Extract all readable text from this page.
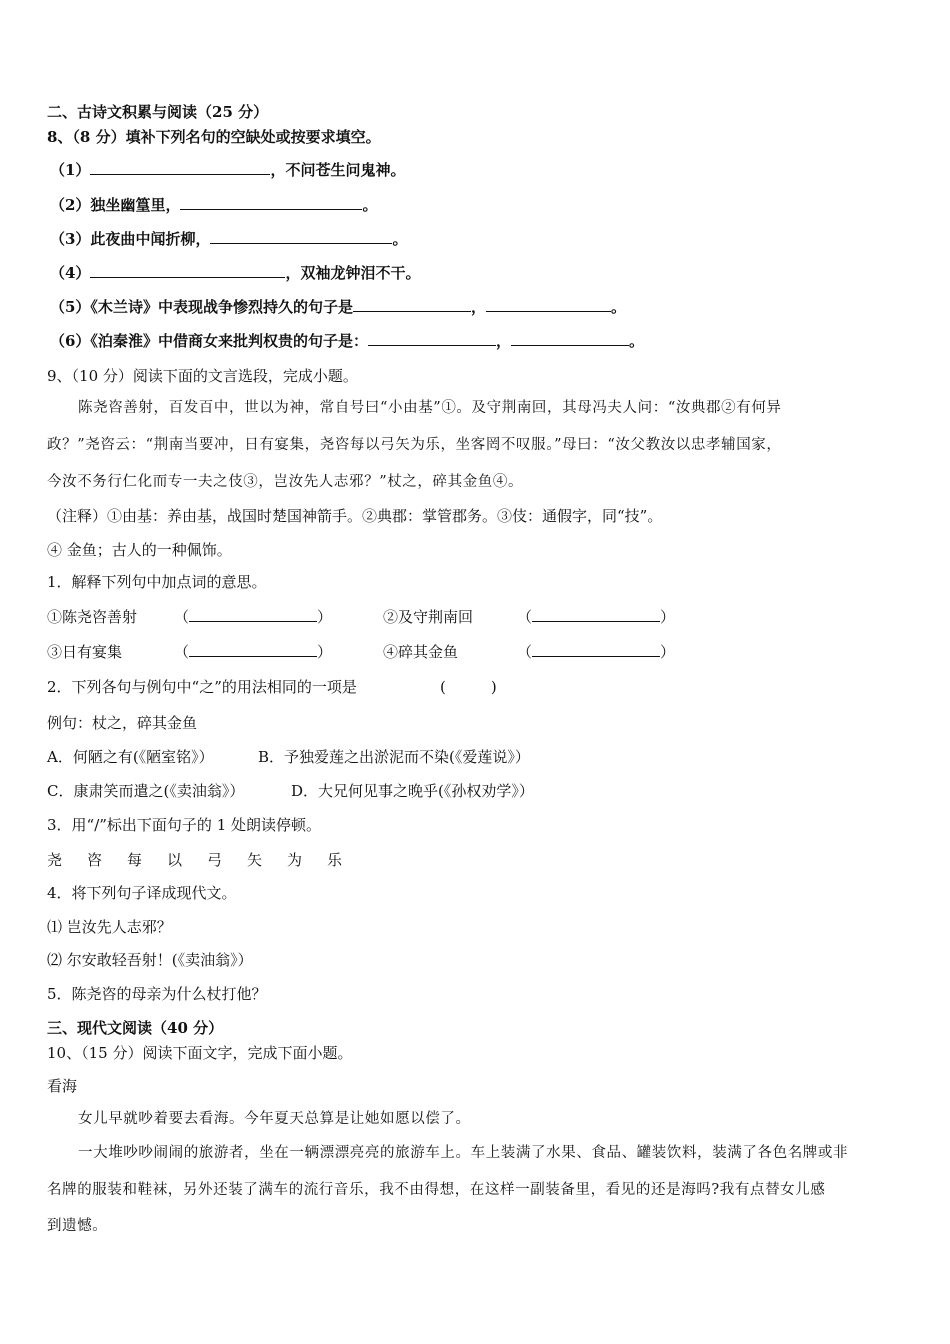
二、古诗文积累与阅读（25 分）
8、（8 分）填补下列名句的空缺处或按要求填空。
（1）	，不问苍生问鬼神。
（2）独坐幽篁里，	。
（3）此夜曲中闻折柳，	。
（4）	，双袖龙钟泪不干。
（5）《木兰诗》中表现战争惨烈持久的句子是	，	。
（6）《泊秦淮》中借商女来批判权贵的句子是：	，	。
9、（10 分）阅读下面的文言选段，完成小题。
陈尧咨善射，百发百中，世以为神，常自号曰“小由基”①。及守荆南回，其母冯夫人问：“汝典郡②有何异
政？”尧咨云：“荆南当要冲，日有宴集，尧咨每以弓矢为乐，坐客罔不叹服。”母曰：“汝父教汝以忠孝辅国家，
今汝不务行仁化而专一夫之伎③，岂汝先人志邪？”杖之，碎其金鱼④。
（注释）①由基：养由基，战国时楚国神箭手。②典郡：掌管郡务。③伎：通假字，同“技”。
④ 金鱼；古人的一种佩饰。
1．解释下列句中加点词的意思。
①陈尧咨善射 （	）	②及守荆南回	（	）
③日有宴集	（	）	④碎其金鱼	（	）
2．下列各句与例句中“之”的用法相同的一项是	(　　　)
例句：杖之，碎其金鱼
A．何陋之有(《陋室铭》）	B．予独爱莲之出淤泥而不染(《爱莲说》）
C．康肃笑而遣之(《卖油翁》）	D．大兄何见事之晚乎(《孙权劝学》）
3．用“/”标出下面句子的 1 处朗读停顿。
尧 咨 每 以 弓 矢 为 乐
4．将下列句子译成现代文。
⑴ 岂汝先人志邪？
⑵ 尔安敢轻吾射！(《卖油翁》）
5．陈尧咨的母亲为什么杖打他？
三、现代文阅读（40 分）
10、（15 分）阅读下面文字，完成下面小题。
看海
女儿早就吵着要去看海。今年夏天总算是让她如愿以偿了。
一大堆吵吵闹闹的旅游者，坐在一辆漂漂亮亮的旅游车上。车上装满了水果、食品、罐装饮料，装满了各色名牌或非
名牌的服装和鞋袜，另外还装了满车的流行音乐，我不由得想，在这样一副装备里，看见的还是海吗?我有点替女儿感
到遗憾。
